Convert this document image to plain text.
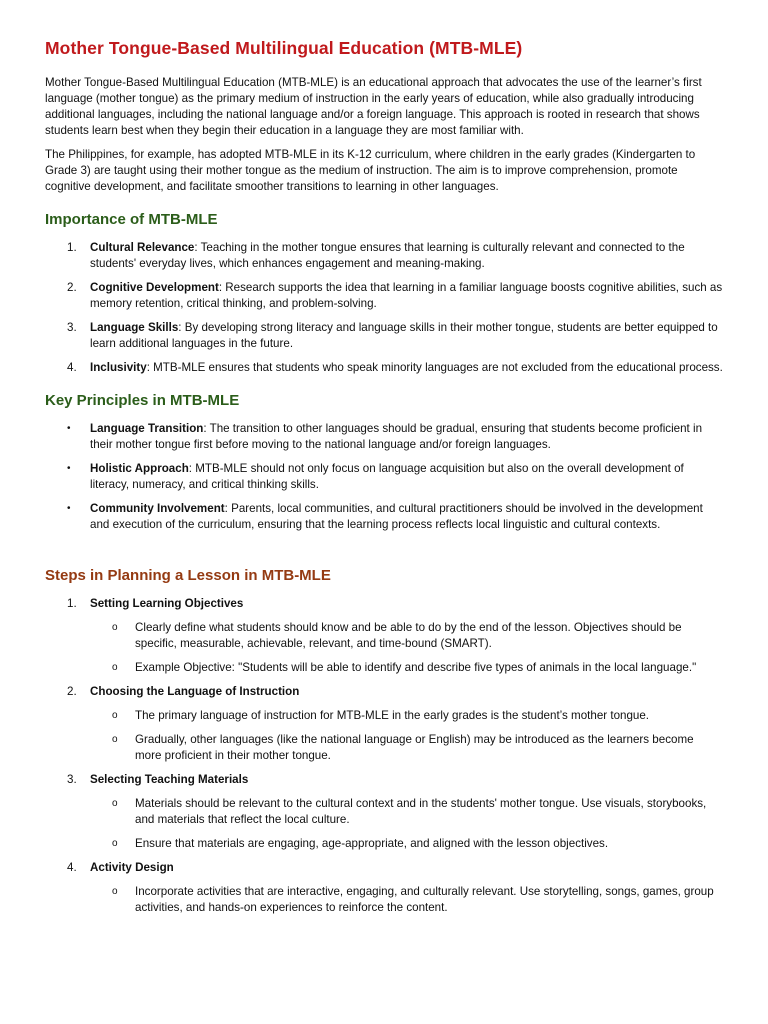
Mother Tongue-Based Multilingual Education (MTB-MLE)

Mother Tongue-Based Multilingual Education (MTB-MLE) is an educational approach that advocates the use of the learner’s first language (mother tongue) as the primary medium of instruction in the early years of education, while also gradually introducing additional languages, including the national language and/or a foreign language. This approach is rooted in research that shows students learn best when they begin their education in a language they are most familiar with.

The Philippines, for example, has adopted MTB-MLE in its K-12 curriculum, where children in the early grades (Kindergarten to Grade 3) are taught using their mother tongue as the medium of instruction. The aim is to improve comprehension, promote cognitive development, and facilitate smoother transitions to learning in other languages.

Importance of MTB-MLE
1. Cultural Relevance: Teaching in the mother tongue ensures that learning is culturally relevant and connected to the students' everyday lives, which enhances engagement and meaning-making.
2. Cognitive Development: Research supports the idea that learning in a familiar language boosts cognitive abilities, such as memory retention, critical thinking, and problem-solving.
3. Language Skills: By developing strong literacy and language skills in their mother tongue, students are better equipped to learn additional languages in the future.
4. Inclusivity: MTB-MLE ensures that students who speak minority languages are not excluded from the educational process.
Key Principles in MTB-MLE
• Language Transition: The transition to other languages should be gradual, ensuring that students become proficient in their mother tongue first before moving to the national language and/or foreign languages.
• Holistic Approach: MTB-MLE should not only focus on language acquisition but also on the overall development of literacy, numeracy, and critical thinking skills.
• Community Involvement: Parents, local communities, and cultural practitioners should be involved in the development and execution of the curriculum, ensuring that the learning process reflects local linguistic and cultural contexts.
Steps in Planning a Lesson in MTB-MLE
1. Setting Learning Objectives
o Clearly define what students should know and be able to do by the end of the lesson. Objectives should be specific, measurable, achievable, relevant, and time-bound (SMART).
o Example Objective: "Students will be able to identify and describe five types of animals in the local language."
2. Choosing the Language of Instruction
o The primary language of instruction for MTB-MLE in the early grades is the student’s mother tongue.
o Gradually, other languages (like the national language or English) may be introduced as the learners become more proficient in their mother tongue.
3. Selecting Teaching Materials
o Materials should be relevant to the cultural context and in the students' mother tongue. Use visuals, storybooks, and materials that reflect the local culture.
o Ensure that materials are engaging, age-appropriate, and aligned with the lesson objectives.
4. Activity Design
o Incorporate activities that are interactive, engaging, and culturally relevant. Use storytelling, songs, games, group activities, and hands-on experiences to reinforce the content.
